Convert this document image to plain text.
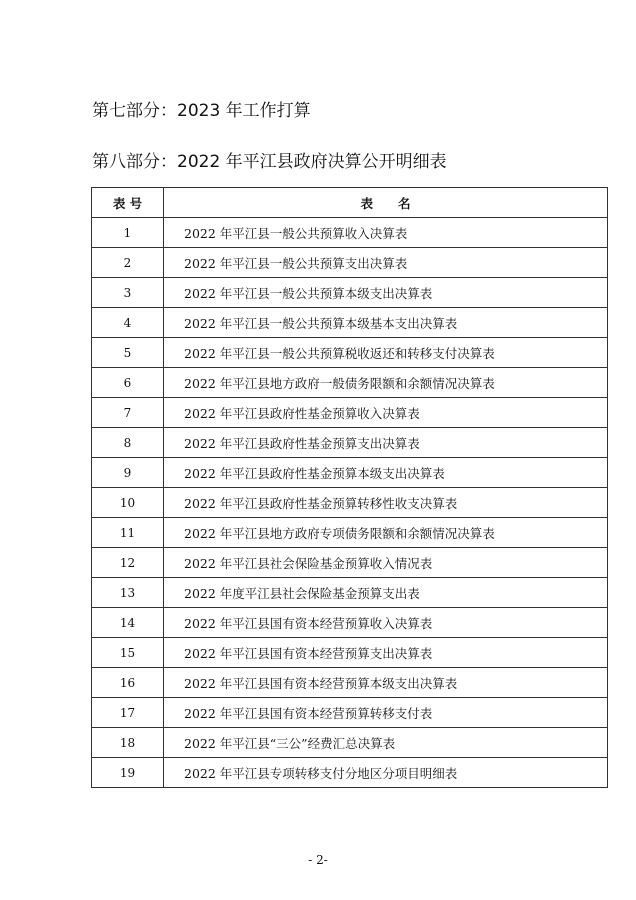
第七部分：2023 年工作打算
第八部分：2022 年平江县政府决算公开明细表
表 号	表　　名
1	2022 年平江县一般公共预算收入决算表
2	2022 年平江县一般公共预算支出决算表
3	2022 年平江县一般公共预算本级支出决算表
4	2022 年平江县一般公共预算本级基本支出决算表
5	2022 年平江县一般公共预算税收返还和转移支付决算表
6	2022 年平江县地方政府一般债务限额和余额情况决算表
7	2022 年平江县政府性基金预算收入决算表
8	2022 年平江县政府性基金预算支出决算表
9	2022 年平江县政府性基金预算本级支出决算表
10	2022 年平江县政府性基金预算转移性收支决算表
11	2022 年平江县地方政府专项债务限额和余额情况决算表
12	2022 年平江县社会保险基金预算收入情况表
13	2022 年度平江县社会保险基金预算支出表
14	2022 年平江县国有资本经营预算收入决算表
15	2022 年平江县国有资本经营预算支出决算表
16	2022 年平江县国有资本经营预算本级支出决算表
17	2022 年平江县国有资本经营预算转移支付表
18	2022 年平江县“三公”经费汇总决算表
19	2022 年平江县专项转移支付分地区分项目明细表
- 2-
